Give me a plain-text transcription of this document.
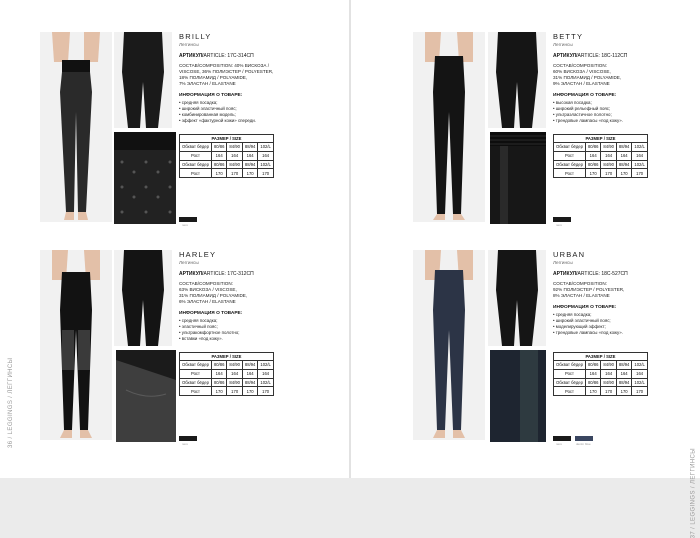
36 / LEGGINGS / ЛЕГГИНСЫ
37 / LEGGINGS / ЛЕГГИНСЫ
BRILLY
Леггинсы
АРТИКУЛ/ARTICLE: 17С-314СП
СОСТАВ/COMPOSITION: 40% ВИСКОЗА /
VISCOSE, 36% ПОЛИЭСТЕР / POLYESTER,
18% ПОЛИАМИД / POLYAMIDE,
7% ЭЛАСТАН / ELASTANE
ИНФОРМАЦИЯ О ТОВАРЕ:
• средняя посадка;
• широкий эластичный пояс;
• комбинированная модель;
• эффект «фактурной кожи» спереди.
РАЗМЕР / SIZE				
Обхват бёдер	80/86	84/90	88/94	102/L
Рост	164	164	164	164
Обхват бёдер	80/86	84/90	88/94	102/L
Рост	170	170	170	170
nero
BETTY
Леггинсы
АРТИКУЛ/ARTICLE: 18С-112СП
СОСТАВ/COMPOSITION:
60% ВИСКОЗА / VISCOSE,
31% ПОЛИАМИД / POLYAMIDE,
9% ЭЛАСТАН / ELASTANE
ИНФОРМАЦИЯ О ТОВАРЕ:
• высокая посадка;
• широкий рельефный пояс;
• ультраэластичное полотно;
• трендовые лампасы «под кожу».
РАЗМЕР / SIZE				
Обхват бёдер	80/86	84/90	88/94	102/L
Рост	164	164	164	164
Обхват бёдер	80/86	84/90	88/94	102/L
Рост	170	170	170	170
nero
HARLEY
Леггинсы
АРТИКУЛ/ARTICLE: 17С-312СП
СОСТАВ/COMPOSITION:
63% ВИСКОЗА / VISCOSE,
31% ПОЛИАМИД / POLYAMIDE,
6% ЭЛАСТАН / ELASTANE
ИНФОРМАЦИЯ О ТОВАРЕ:
• средняя посадка;
• эластичный пояс;
• ультракомфортное полотно;
• вставки «под кожу».
РАЗМЕР / SIZE				
Обхват бёдер	80/86	84/90	88/94	102/L
Рост	164	164	164	164
Обхват бёдер	80/86	84/90	88/94	102/L
Рост	170	170	170	170
nero
URBAN
Леггинсы
АРТИКУЛ/ARTICLE: 18С-527СП
СОСТАВ/COMPOSITION:
92% ПОЛИЭСТЕР / POLYESTER,
8% ЭЛАСТАН / ELASTANE
ИНФОРМАЦИЯ О ТОВАРЕ:
• средняя посадка;
• широкий эластичный пояс;
• моделирующий эффект;
• трендовые лампасы «под кожу».
РАЗМЕР / SIZE				
Обхват бёдер	80/86	84/90	88/94	102/L
Рост	164	164	164	164
Обхват бёдер	80/86	84/90	88/94	102/L
Рост	170	170	170	170
nero	denim blue
